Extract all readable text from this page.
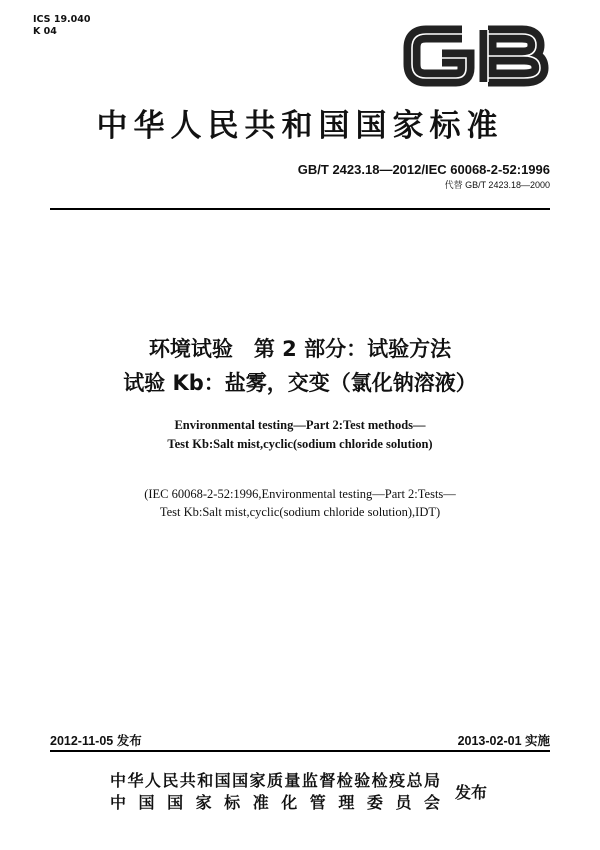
ICS 19.040
K 04
中华人民共和国国家标准
GB/T 2423.18—2012/IEC 60068-2-52:1996
代替 GB/T 2423.18—2000
环境试验　第 2 部分：试验方法
试验 Kb：盐雾，交变（氯化钠溶液）
Environmental testing—Part 2:Test methods—
Test Kb:Salt mist,cyclic(sodium chloride solution)
(IEC 60068-2-52:1996,Environmental testing—Part 2:Tests—
Test Kb:Salt mist,cyclic(sodium chloride solution),IDT)
2012-11-05 发布	2013-02-01 实施
中华人民共和国国家质量监督检验检疫总局
中国国家标准化管理委员会
发布
